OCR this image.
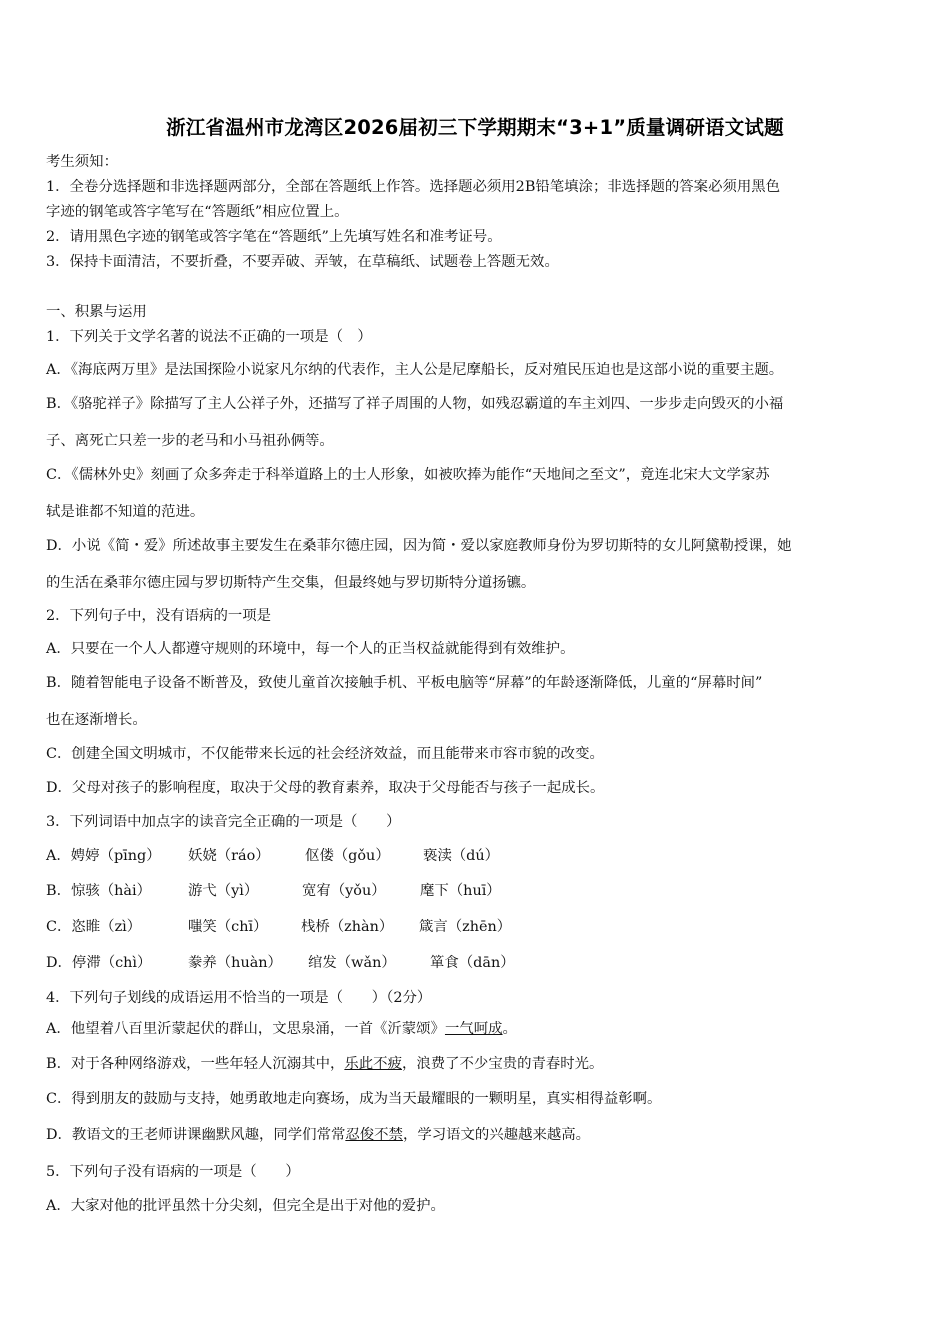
浙江省温州市龙湾区2026届初三下学期期末“3+1”质量调研语文试题
考生须知：
1．全卷分选择题和非选择题两部分，全部在答题纸上作答。选择题必须用2B铅笔填涂；非选择题的答案必须用黑色
字迹的钢笔或答字笔写在“答题纸”相应位置上。
2．请用黑色字迹的钢笔或答字笔在“答题纸”上先填写姓名和准考证号。
3．保持卡面清洁，不要折叠，不要弄破、弄皱，在草稿纸、试题卷上答题无效。
一、积累与运用
1．下列关于文学名著的说法不正确的一项是（　）
A．《海底两万里》是法国探险小说家凡尔纳的代表作，主人公是尼摩船长，反对殖民压迫也是这部小说的重要主题。
B．《骆驼祥子》除描写了主人公祥子外，还描写了祥子周围的人物，如残忍霸道的车主刘四、一步步走向毁灭的小福
子、离死亡只差一步的老马和小马祖孙俩等。
C．《儒林外史》刻画了众多奔走于科举道路上的士人形象，如被吹捧为能作“天地间之至文”，竟连北宋大文学家苏
轼是谁都不知道的范进。
D．小说《简・爱》所述故事主要发生在桑菲尔德庄园，因为简・爱以家庭教师身份为罗切斯特的女儿阿黛勒授课，她
的生活在桑菲尔德庄园与罗切斯特产生交集，但最终她与罗切斯特分道扬镳。
2．下列句子中，没有语病的一项是
A．只要在一个人人都遵守规则的环境中，每一个人的正当权益就能得到有效维护。
B．随着智能电子设备不断普及，致使儿童首次接触手机、平板电脑等“屏幕”的年龄逐渐降低，儿童的“屏幕时间”
也在逐渐增长。
C．创建全国文明城市，不仅能带来长远的社会经济效益，而且能带来市容市貌的改变。
D．父母对孩子的影响程度，取决于父母的教育素养，取决于父母能否与孩子一起成长。
3．下列词语中加点字的读音完全正确的一项是（　　）
A．娉婷（pīng） 妖娆（ráo） 伛偻（gǒu） 亵渎（dú）
B．惊骇（hài）	游弋（yì）	宽宥（yǒu） 麾下（huī）
C．恣睢（zì）	嗤笑（chī） 栈桥（zhàn） 箴言（zhēn）
D．停滞（chì）	豢养（huàn） 绾发（wǎn） 箪食（dān）
4．下列句子划线的成语运用不恰当的一项是（　　）（2分）
A．他望着八百里沂蒙起伏的群山，文思泉涌，一首《沂蒙颂》一气呵成。
B．对于各种网络游戏，一些年轻人沉溺其中，乐此不疲，浪费了不少宝贵的青春时光。
C．得到朋友的鼓励与支持，她勇敢地走向赛场，成为当天最耀眼的一颗明星，真实相得益彰啊。
D．教语文的王老师讲课幽默风趣，同学们常常忍俊不禁，学习语文的兴趣越来越高。
5．下列句子没有语病的一项是（　　）
A．大家对他的批评虽然十分尖刻，但完全是出于对他的爱护。
